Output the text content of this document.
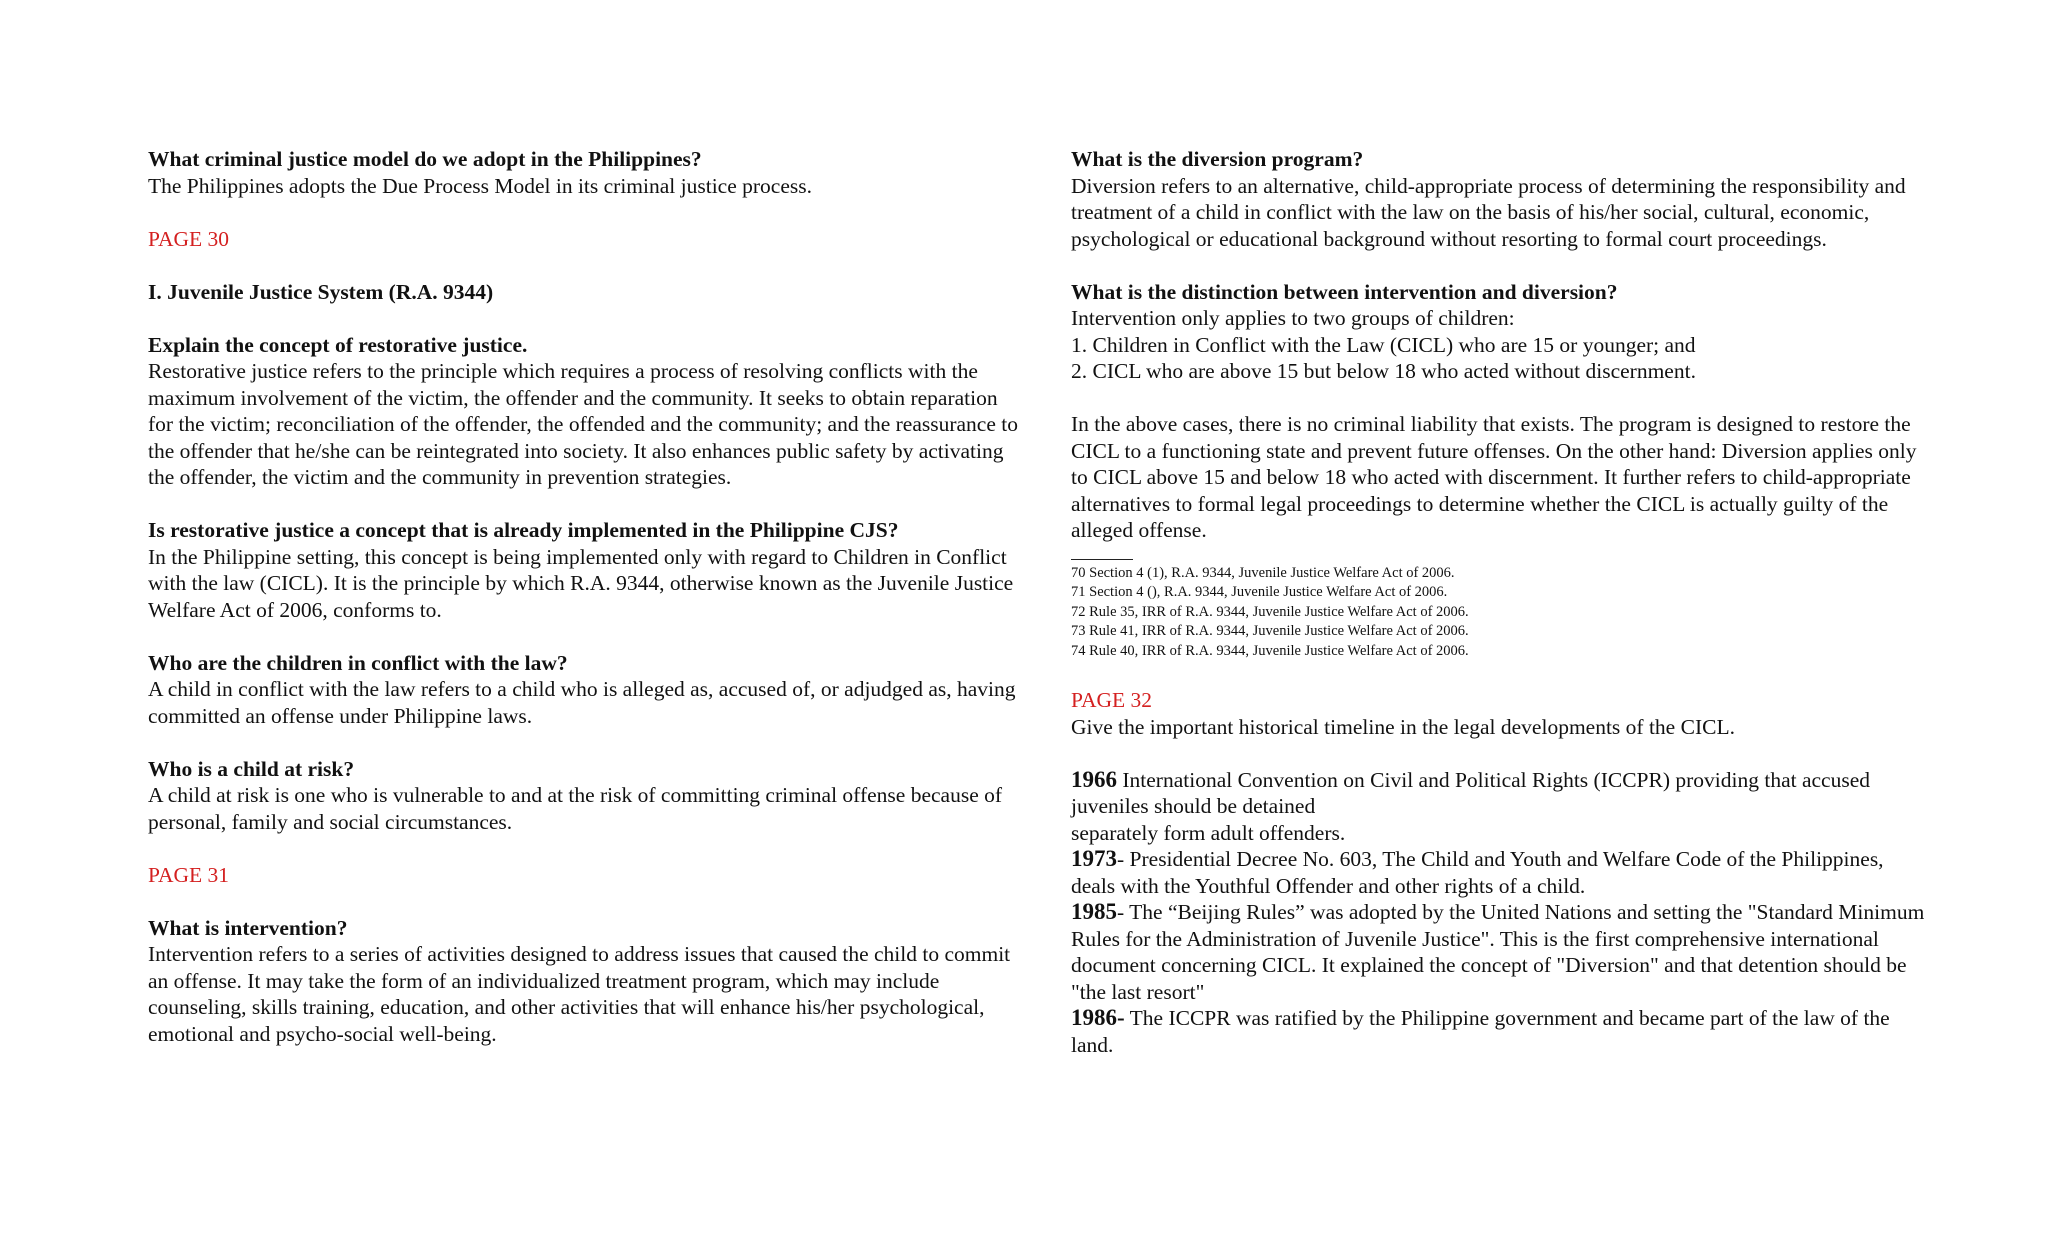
What criminal justice model do we adopt in the Philippines?
The Philippines adopts the Due Process Model in its criminal justice process.
PAGE 30
I. Juvenile Justice System (R.A. 9344)
Explain the concept of restorative justice.
Restorative justice refers to the principle which requires a process of resolving conflicts with the maximum involvement of the victim, the offender and the community. It seeks to obtain reparation for the victim; reconciliation of the offender, the offended and the community; and the reassurance to the offender that he/she can be reintegrated into society. It also enhances public safety by activating the offender, the victim and the community in prevention strategies.
Is restorative justice a concept that is already implemented in the Philippine CJS?
In the Philippine setting, this concept is being implemented only with regard to Children in Conflict with the law (CICL). It is the principle by which R.A. 9344, otherwise known as the Juvenile Justice Welfare Act of 2006, conforms to.
Who are the children in conflict with the law?
A child in conflict with the law refers to a child who is alleged as, accused of, or adjudged as, having committed an offense under Philippine laws.
Who is a child at risk?
A child at risk is one who is vulnerable to and at the risk of committing criminal offense because of personal, family and social circumstances.
PAGE 31
What is intervention?
Intervention refers to a series of activities designed to address issues that caused the child to commit an offense. It may take the form of an individualized treatment program, which may include counseling, skills training, education, and other activities that will enhance his/her psychological, emotional and psycho-social well-being.
What is the diversion program?
Diversion refers to an alternative, child-appropriate process of determining the responsibility and treatment of a child in conflict with the law on the basis of his/her social, cultural, economic, psychological or educational background without resorting to formal court proceedings.
What is the distinction between intervention and diversion?
Intervention only applies to two groups of children:
1. Children in Conflict with the Law (CICL) who are 15 or younger; and
2. CICL who are above 15 but below 18 who acted without discernment.
In the above cases, there is no criminal liability that exists. The program is designed to restore the CICL to a functioning state and prevent future offenses. On the other hand: Diversion applies only to CICL above 15 and below 18 who acted with discernment. It further refers to child-appropriate alternatives to formal legal proceedings to determine whether the CICL is actually guilty of the alleged offense.
70 Section 4 (1), R.A. 9344, Juvenile Justice Welfare Act of 2006.
71 Section 4 (), R.A. 9344, Juvenile Justice Welfare Act of 2006.
72 Rule 35, IRR of R.A. 9344, Juvenile Justice Welfare Act of 2006.
73 Rule 41, IRR of R.A. 9344, Juvenile Justice Welfare Act of 2006.
74 Rule 40, IRR of R.A. 9344, Juvenile Justice Welfare Act of 2006.
PAGE 32
Give the important historical timeline in the legal developments of the CICL.
1966 International Convention on Civil and Political Rights (ICCPR) providing that accused juveniles should be detained
separately form adult offenders.
1973- Presidential Decree No. 603, The Child and Youth and Welfare Code of the Philippines, deals with the Youthful Offender and other rights of a child.
1985- The “Beijing Rules” was adopted by the United Nations and setting the "Standard Minimum Rules for the Administration of Juvenile Justice". This is the first comprehensive international document concerning CICL. It explained the concept of "Diversion" and that detention should be "the last resort"
1986- The ICCPR was ratified by the Philippine government and became part of the law of the land.
